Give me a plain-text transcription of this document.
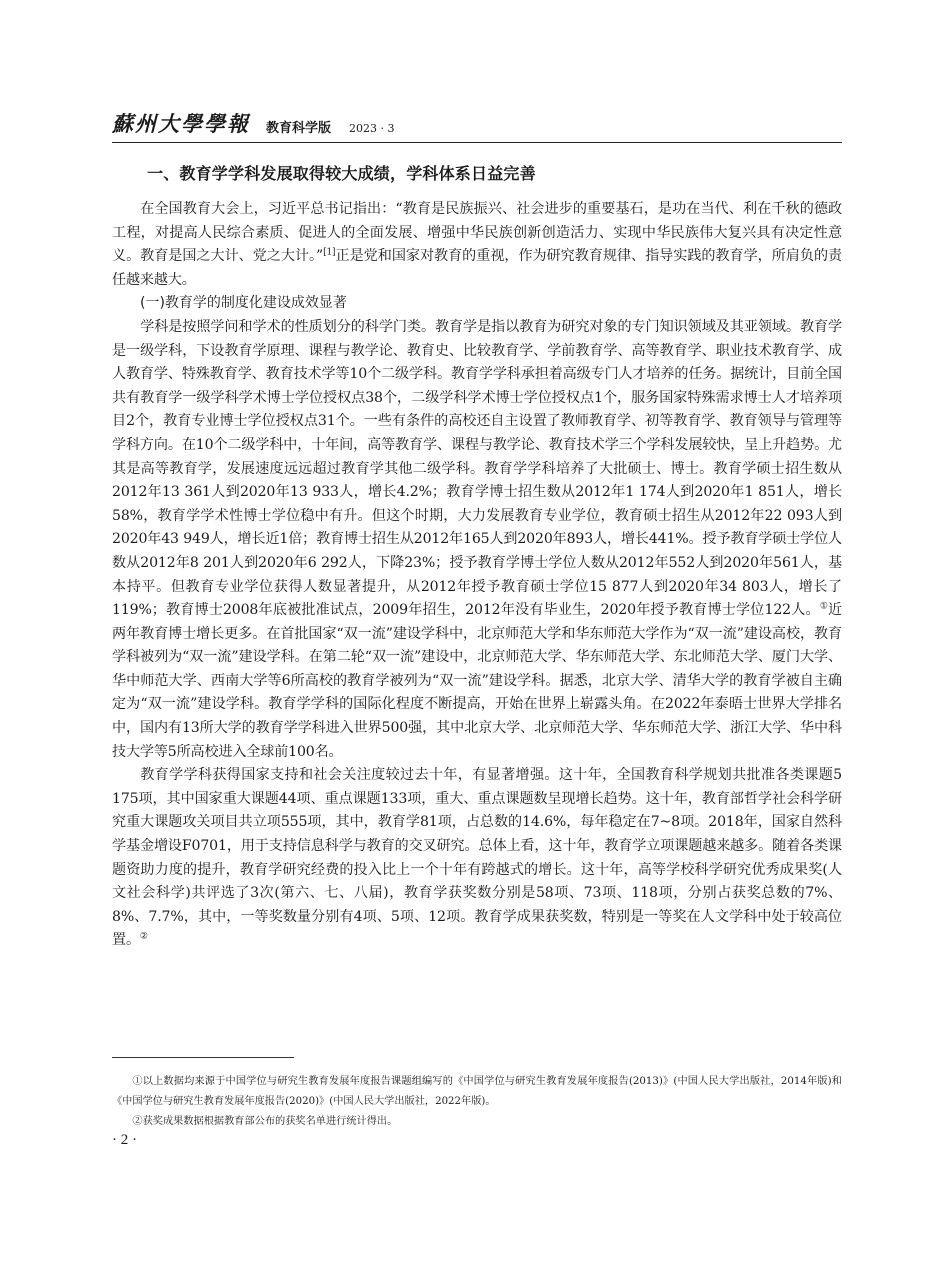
蘇州大學學報 教育科学版 2023 · 3
一、教育学学科发展取得较大成绩，学科体系日益完善

在全国教育大会上，习近平总书记指出：“教育是民族振兴、社会进步的重要基石，是功在当代、利在千秋的德政工程，对提高人民综合素质、促进人的全面发展、增强中华民族创新创造活力、实现中华民族伟大复兴具有决定性意义。教育是国之大计、党之大计。”[1]正是党和国家对教育的重视，作为研究教育规律、指导实践的教育学，所肩负的责任越来越大。

(一)教育学的制度化建设成效显著

学科是按照学问和学术的性质划分的科学门类。教育学是指以教育为研究对象的专门知识领域及其亚领域。教育学是一级学科，下设教育学原理、课程与教学论、教育史、比较教育学、学前教育学、高等教育学、职业技术教育学、成人教育学、特殊教育学、教育技术学等10个二级学科。教育学学科承担着高级专门人才培养的任务。据统计，目前全国共有教育学一级学科学术博士学位授权点38个，二级学科学术博士学位授权点1个，服务国家特殊需求博士人才培养项目2个，教育专业博士学位授权点31个。一些有条件的高校还自主设置了教师教育学、初等教育学、教育领导与管理等学科方向。在10个二级学科中，十年间，高等教育学、课程与教学论、教育技术学三个学科发展较快，呈上升趋势。尤其是高等教育学，发展速度远远超过教育学其他二级学科。教育学学科培养了大批硕士、博士。教育学硕士招生数从2012年13 361人到2020年13 933人，增长4.2%；教育学博士招生数从2012年1 174人到2020年1 851人，增长58%，教育学学术性博士学位稳中有升。但这个时期，大力发展教育专业学位，教育硕士招生从2012年22 093人到2020年43 949人，增长近1倍；教育博士招生从2012年165人到2020年893人，增长441%。授予教育学硕士学位人数从2012年8 201人到2020年6 292人，下降23%；授予教育学博士学位人数从2012年552人到2020年561人，基本持平。但教育专业学位获得人数显著提升，从2012年授予教育硕士学位15 877人到2020年34 803人，增长了119%；教育博士2008年底被批准试点，2009年招生，2012年没有毕业生，2020年授予教育博士学位122人。①近两年教育博士增长更多。在首批国家“双一流”建设学科中，北京师范大学和华东师范大学作为“双一流”建设高校，教育学科被列为“双一流”建设学科。在第二轮“双一流”建设中，北京师范大学、华东师范大学、东北师范大学、厦门大学、华中师范大学、西南大学等6所高校的教育学被列为“双一流”建设学科。据悉，北京大学、清华大学的教育学被自主确定为“双一流”建设学科。教育学学科的国际化程度不断提高，开始在世界上崭露头角。在2022年泰晤士世界大学排名中，国内有13所大学的教育学学科进入世界500强，其中北京大学、北京师范大学、华东师范大学、浙江大学、华中科技大学等5所高校进入全球前100名。

教育学学科获得国家支持和社会关注度较过去十年，有显著增强。这十年，全国教育科学规划共批准各类课题5 175项，其中国家重大课题44项、重点课题133项，重大、重点课题数呈现增长趋势。这十年，教育部哲学社会科学研究重大课题攻关项目共立项555项，其中，教育学81项，占总数的14.6%，每年稳定在7~8项。2018年，国家自然科学基金增设F0701，用于支持信息科学与教育的交叉研究。总体上看，这十年，教育学立项课题越来越多。随着各类课题资助力度的提升，教育学研究经费的投入比上一个十年有跨越式的增长。这十年，高等学校科学研究优秀成果奖(人文社会科学)共评选了3次(第六、七、八届)，教育学获奖数分别是58项、73项、118项，分别占获奖总数的7%、8%、7.7%，其中，一等奖数量分别有4项、5项、12项。教育学成果获奖数，特别是一等奖在人文学科中处于较高位置。②

①以上数据均来源于中国学位与研究生教育发展年度报告课题组编写的《中国学位与研究生教育发展年度报告(2013)》(中国人民大学出版社，2014年版)和《中国学位与研究生教育发展年度报告(2020)》(中国人民大学出版社，2022年版)。

②获奖成果数据根据教育部公布的获奖名单进行统计得出。

· 2 ·
